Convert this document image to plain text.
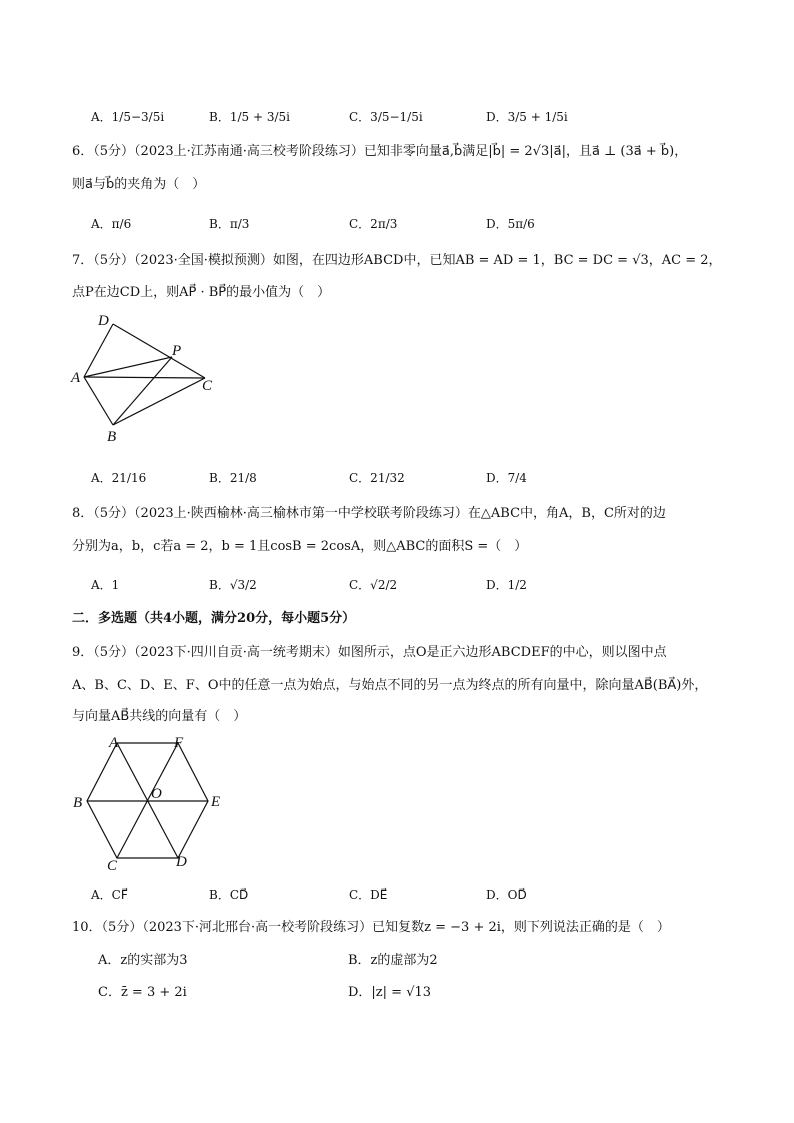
A．1/5−3/5i	B．1/5 + 3/5i	C．3/5−1/5i	D．3/5 + 1/5i
6．（5分）（2023上·江苏南通·高三校考阶段练习）已知非零向量a⃗,b⃗满足|b⃗| = 2√3|a⃗|，且a⃗ ⊥ (3a⃗ + b⃗)，
则a⃗与b⃗的夹角为（　）
A．π/6	B．π/3	C．2π/3	D．5π/6
7．（5分）（2023·全国·模拟预测）如图，在四边形ABCD中，已知AB = AD = 1，BC = DC = √3，AC = 2，
点P在边CD上，则AP⃗ · BP⃗的最小值为（　）
D
P
A	C
B
A．21/16	B．21/8	C．21/32	D．7/4
8．（5分）（2023上·陕西榆林·高三榆林市第一中学校联考阶段练习）在△ABC中，角A，B，C所对的边
分别为a，b，c若a = 2，b = 1且cosB = 2cosA，则△ABC的面积S =（　）
A．1	B．√3/2	C．√2/2	D．1/2
二．多选题（共4小题，满分20分，每小题5分）
9．（5分）（2023下·四川自贡·高一统考期末）如图所示，点O是正六边形ABCDEF的中心，则以图中点
A、B、C、D、E、F、O中的任意一点为始点，与始点不同的另一点为终点的所有向量中，除向量AB⃗(BA⃗)外，
与向量AB⃗共线的向量有（　）
A	F
B
O	E
C	D
A．CF⃗	B．CD⃗	C．DE⃗	D．OD⃗
10．（5分）（2023下·河北邢台·高一校考阶段练习）已知复数z = −3 + 2i，则下列说法正确的是（　）
A．z的实部为3	B．z的虚部为2
C．z̄ = 3 + 2i	D．|z| = √13
